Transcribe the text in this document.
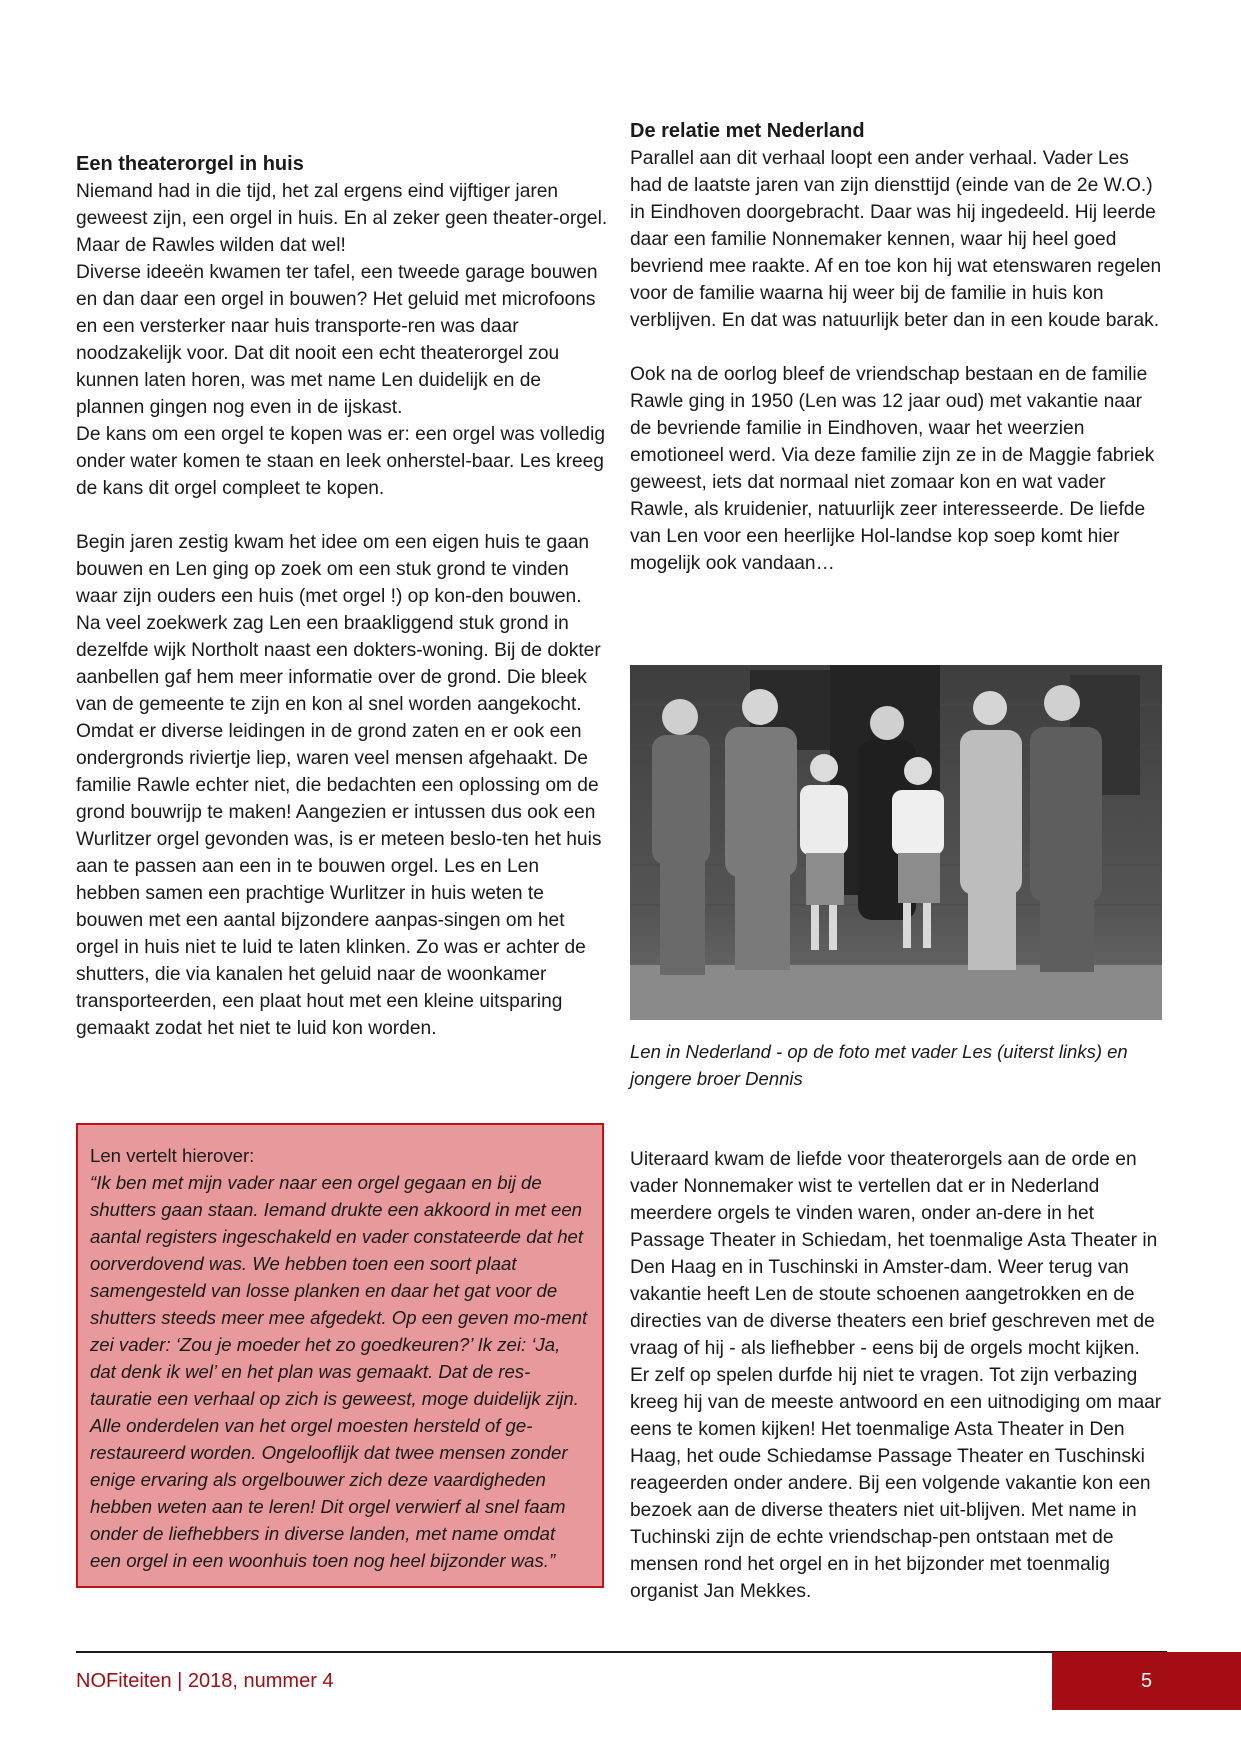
Een theaterorgel in huis

Niemand had in die tijd, het zal ergens eind vijftiger jaren geweest zijn, een orgel in huis. En al zeker geen theater-orgel. Maar de Rawles wilden dat wel!

Diverse ideeën kwamen ter tafel, een tweede garage bouwen en dan daar een orgel in bouwen? Het geluid met microfoons en een versterker naar huis transporte-ren was daar noodzakelijk voor. Dat dit nooit een echt theaterorgel zou kunnen laten horen, was met name Len duidelijk en de plannen gingen nog even in de ijskast.

De kans om een orgel te kopen was er: een orgel was volledig onder water komen te staan en leek onherstel-baar. Les kreeg de kans dit orgel compleet te kopen.

Begin jaren zestig kwam het idee om een eigen huis te gaan bouwen en Len ging op zoek om een stuk grond te vinden waar zijn ouders een huis (met orgel !) op kon-den bouwen. Na veel zoekwerk zag Len een braakliggend stuk grond in dezelfde wijk Northolt naast een dokters-woning. Bij de dokter aanbellen gaf hem meer informatie over de grond. Die bleek van de gemeente te zijn en kon al snel worden aangekocht. Omdat er diverse leidingen in de grond zaten en er ook een ondergronds riviertje liep, waren veel mensen afgehaakt. De familie Rawle echter niet, die bedachten een oplossing om de grond bouwrijp te maken! Aangezien er intussen dus ook een Wurlitzer orgel gevonden was, is er meteen beslo-ten het huis aan te passen aan een in te bouwen orgel. Les en Len hebben samen een prachtige Wurlitzer in huis weten te bouwen met een aantal bijzondere aanpas-singen om het orgel in huis niet te luid te laten klinken. Zo was er achter de shutters, die via kanalen het geluid naar de woonkamer transporteerden, een plaat hout met een kleine uitsparing gemaakt zodat het niet te luid kon worden.

De relatie met Nederland

Parallel aan dit verhaal loopt een ander verhaal. Vader Les had de laatste jaren van zijn diensttijd (einde van de 2e W.O.) in Eindhoven doorgebracht. Daar was hij ingedeeld. Hij leerde daar een familie Nonnemaker kennen, waar hij heel goed bevriend mee raakte. Af en toe kon hij wat etenswaren regelen voor de familie waarna hij weer bij de familie in huis kon verblijven. En dat was natuurlijk beter dan in een koude barak.

Ook na de oorlog bleef de vriendschap bestaan en de familie Rawle ging in 1950 (Len was 12 jaar oud) met vakantie naar de bevriende familie in Eindhoven, waar het weerzien emotioneel werd. Via deze familie zijn ze in de Maggie fabriek geweest, iets dat normaal niet zomaar kon en wat vader Rawle, als kruidenier, natuurlijk zeer interesseerde. De liefde van Len voor een heerlijke Hol-landse kop soep komt hier mogelijk ook vandaan…

Len in Nederland - op de foto met vader Les (uiterst links) en jongere broer Dennis

Len vertelt hierover:

“Ik ben met mijn vader naar een orgel gegaan en bij de shutters gaan staan. Iemand drukte een akkoord in met een aantal registers ingeschakeld en vader constateerde dat het oorverdovend was. We hebben toen een soort plaat samengesteld van losse planken en daar het gat voor de shutters steeds meer mee afgedekt. Op een geven mo-ment zei vader: ‘Zou je moeder het zo goedkeuren?’ Ik zei: ‘Ja, dat denk ik wel’ en het plan was gemaakt. Dat de res-tauratie een verhaal op zich is geweest, moge duidelijk zijn. Alle onderdelen van het orgel moesten hersteld of ge-restaureerd worden. Ongelooflijk dat twee mensen zonder enige ervaring als orgelbouwer zich deze vaardigheden hebben weten aan te leren! Dit orgel verwierf al snel faam onder de liefhebbers in diverse landen, met name omdat een orgel in een woonhuis toen nog heel bijzonder was.”

Uiteraard kwam de liefde voor theaterorgels aan de orde en vader Nonnemaker wist te vertellen dat er in Nederland meerdere orgels te vinden waren, onder an-dere in het Passage Theater in Schiedam, het toenmalige Asta Theater in Den Haag en in Tuschinski in Amster-dam. Weer terug van vakantie heeft Len de stoute schoenen aangetrokken en de directies van de diverse theaters een brief geschreven met de vraag of hij - als liefhebber - eens bij de orgels mocht kijken. Er zelf op spelen durfde hij niet te vragen. Tot zijn verbazing kreeg hij van de meeste antwoord en een uitnodiging om maar eens te komen kijken! Het toenmalige Asta Theater in Den Haag, het oude Schiedamse Passage Theater en Tuschinski reageerden onder andere. Bij een volgende vakantie kon een bezoek aan de diverse theaters niet uit-blijven. Met name in Tuchinski zijn de echte vriendschap-pen ontstaan met de mensen rond het orgel en in het bijzonder met toenmalig organist Jan Mekkes.

NOFiteiten | 2018, nummer 4	5
